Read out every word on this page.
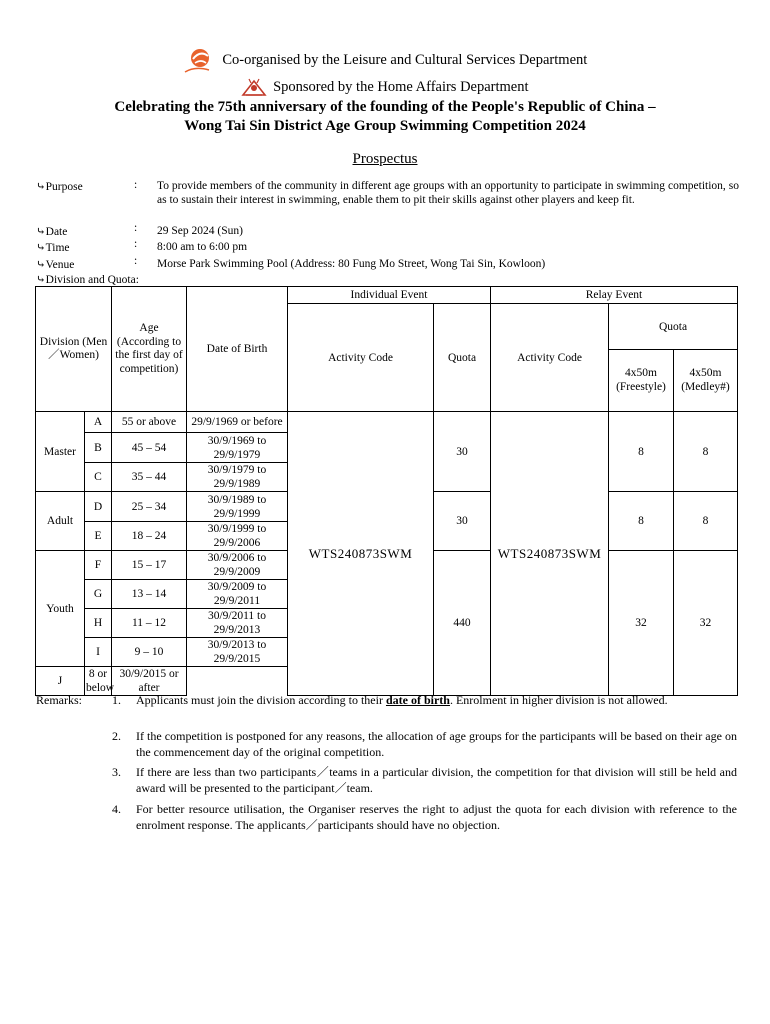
Co-organised by the Leisure and Cultural Services Department
Sponsored by the Home Affairs Department
Celebrating the 75th anniversary of the founding of the People's Republic of China –
Wong Tai Sin District Age Group Swimming Competition 2024
Prospectus
⤷Purpose	: To provide members of the community in different age groups with an opportunity to participate in swimming competition, so as to sustain their interest in swimming, enable them to pit their skills against other players and keep fit.
⤷Date	: 29 Sep 2024 (Sun)
⤷Time	: 8:00 am to 6:00 pm
⤷Venue	: Morse Park Swimming Pool (Address: 80 Fung Mo Street, Wong Tai Sin, Kowloon)
⤷Division and Quota:
Division (Men／Women)		Age (According to the first day of competition)	Date of Birth	Individual Event		Relay Event		
				Activity Code	Quota	Activity Code	Quota	
							4x50m (Freestyle)	4x50m (Medley#)
Master	A	55 or above	29/9/1969 or before	WTS240873SWM	30	WTS240873SWM	8	8
	B	45 – 54	30/9/1969 to 29/9/1979					
	C	35 – 44	30/9/1979 to 29/9/1989					
Adult	D	25 – 34	30/9/1989 to 29/9/1999		30		8	8
	E	18 – 24	30/9/1999 to 29/9/2006					
Youth	F	15 – 17	30/9/2006 to 29/9/2009		440		32	32
	G	13 – 14	30/9/2009 to 29/9/2011					
	H	11 – 12	30/9/2011 to 29/9/2013					
	I	9 – 10	30/9/2013 to 29/9/2015					
J	8 or below	30/9/2015 or after						
Remarks:	1. Applicants must join the division according to their date of birth. Enrolment in higher division is not allowed.
2. If the competition is postponed for any reasons, the allocation of age groups for the participants will be based on their age on the commencement day of the original competition.
3. If there are less than two participants／teams in a particular division, the competition for that division will still be held and award will be presented to the participant／team.
4. For better resource utilisation, the Organiser reserves the right to adjust the quota for each division with reference to the enrolment response. The applicants／participants should have no objection.
